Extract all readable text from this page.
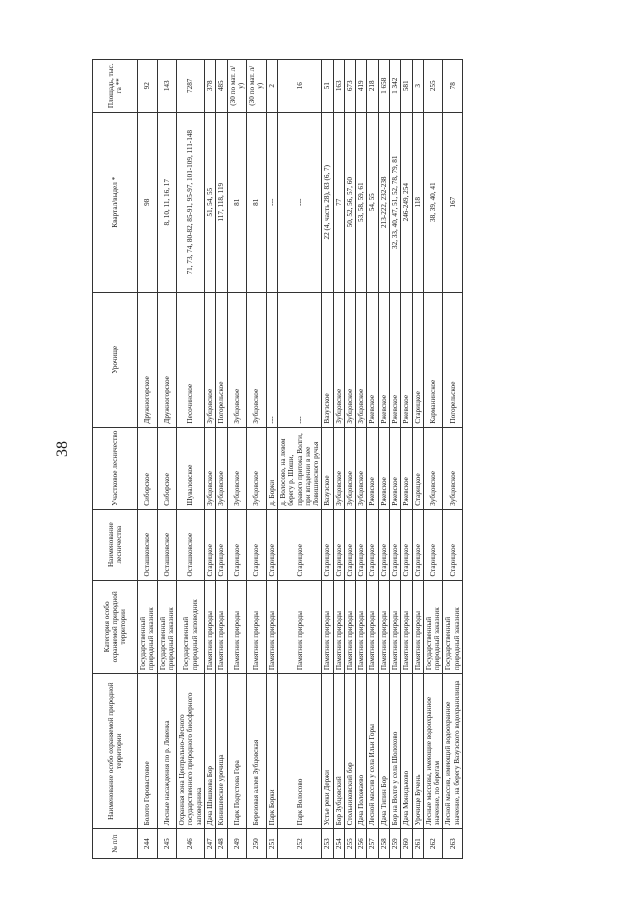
38
№ п/п	Наименование особо охраняемой природной территории	Категория особо охраняемой природной территории	Наименование лесничества	Участковое лесничество	Урочище	Квартал/выдел *	Площадь, тыс. га **
244	Болото Горовастовое	Государственный природный заказник	Осташковское	Сиборское	Дружногорское	98	92
245	Лесные насаждения по р. Ловенка	Государственный природный заказник	Осташковское	Сиборское	Дружногорское	8, 10, 11, 16, 17	143
246	Охранная зона Центрально-Лесного государственного природного биосферного заповедника	Государственный природный заповедник	Осташковское	Шуваловское	Песочинское	71, 73, 74, 80-82, 85-91, 95-97, 101-109, 111-148	7287
247	Дача Шишкова Бор	Памятник природы	Старицкое	Зубцовское	Зубцовское	51, 54, 55	378
248	Кинишевские урочища	Памятник природы	Старицкое	Зубцовское	Погорельское	117, 118, 119	485
249	Парк Подустова Гора	Памятник природы	Старицкое	Зубцовское	Зубцовское	81	(30 по мат. л/у)
250	Березовая аллея Зубцовская	Памятник природы	Старицкое	Зубцовское	Зубцовское	81	(30 по мат. л/у)
251	Парк Борки	Памятник природы	Старицкое	д. Борки	---	---	2
252	Парк Волосово	Памятник природы	Старицкое	д. Волосово, на левом берегу р. Шоши, правого притока Волги, при впадении в нее Ловишинского ручья	---	---	16
253	Устье реки Держи	Памятник природы	Старицкое	Вазузское	Вазузское	22 (4, часть 28), 83 (6, 7)	51
254	Бор Зубцовский	Памятник природы	Старицкое	Зубцовское	Зубцовское	77	163
255	Стольниковский бор	Памятник природы	Старицкое	Зубцовское	Зубцовское	50, 52, 56, 57, 60	673
256	Дача Положаево	Памятник природы	Старицкое	Зубцовское	Зубцовское	53, 58, 59, 61	419
257	Лесной массив у села Ильи Горы	Памятник природы	Старицкое	Ржевское	Ржевское	54, 55	218
258	Дача Типин Бор	Памятник природы	Старицкое	Ржевское	Ржевское	213-222, 232-238	1 658
259	Бор на Волге у села Шолохово	Памятник природы	Старицкое	Ржевское	Ржевское	32, 33, 40, 47, 51, 52, 78, 79, 81	1 342
260	Дача Монидьково	Памятник природы	Старицкое	Ржевское	Ржевское	246-249, 254	581
261	Урочище Бучень	Памятник природы	Старицкое	Старицкое	Старицкое	118	3
262	Лесные массивы, имеющие водоохранное значение, по берегам	Государственный природный заказник	Старицкое	Зубцовское	Карманинское	38, 39, 40, 41	255
263	Лесной массив, имеющий водоохранное значение, на берегу Вазузского водохранилища	Государственный природный заказник	Старицкое	Зубцовское	Погорельское	167	78
